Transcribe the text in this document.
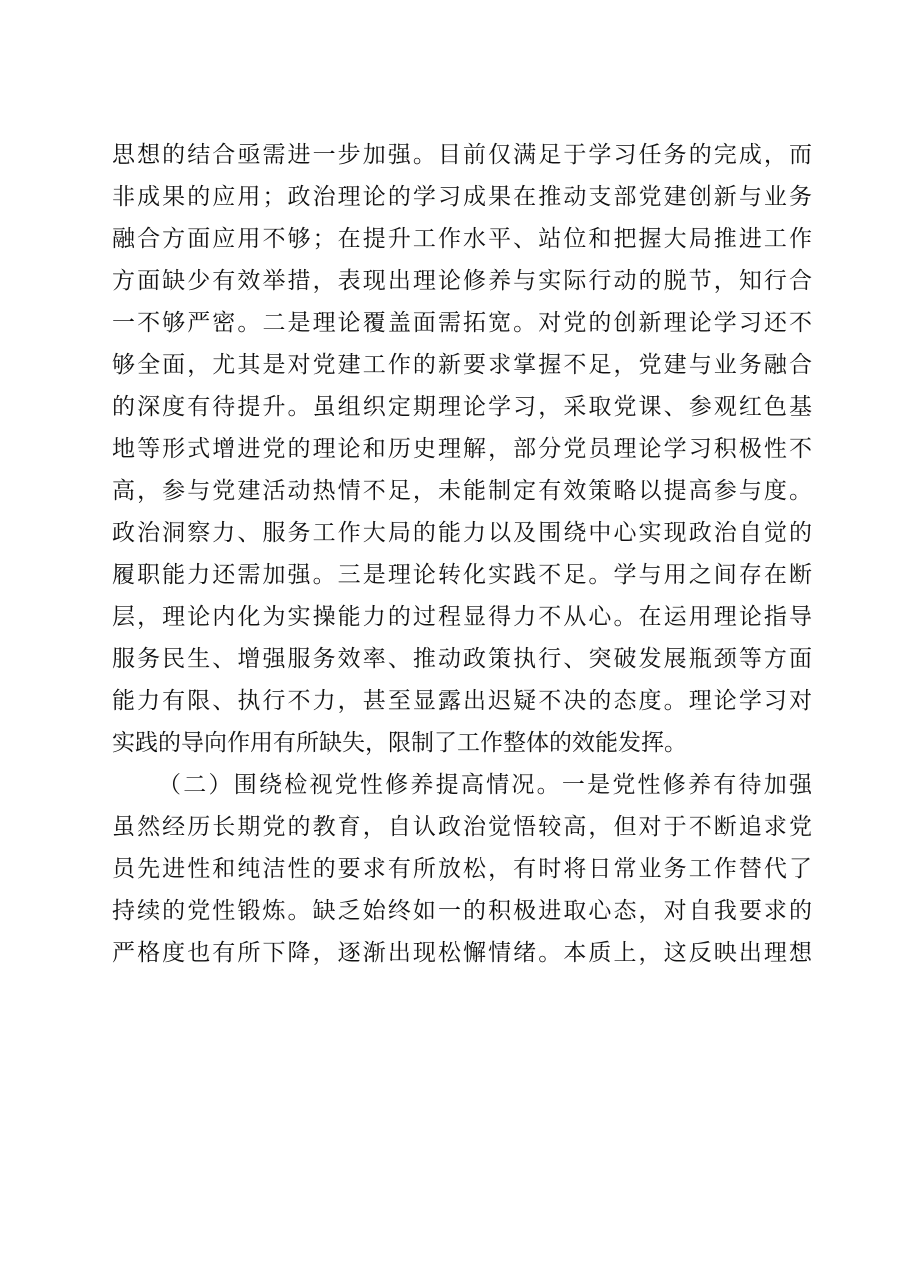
思想的结合亟需进一步加强。目前仅满足于学习任务的完成，而
非成果的应用；政治理论的学习成果在推动支部党建创新与业务
融合方面应用不够；在提升工作水平、站位和把握大局推进工作
方面缺少有效举措，表现出理论修养与实际行动的脱节，知行合
一不够严密。二是理论覆盖面需拓宽。对党的创新理论学习还不
够全面，尤其是对党建工作的新要求掌握不足，党建与业务融合
的深度有待提升。虽组织定期理论学习，采取党课、参观红色基
地等形式增进党的理论和历史理解，部分党员理论学习积极性不
高，参与党建活动热情不足，未能制定有效策略以提高参与度。
政治洞察力、服务工作大局的能力以及围绕中心实现政治自觉的
履职能力还需加强。三是理论转化实践不足。学与用之间存在断
层，理论内化为实操能力的过程显得力不从心。在运用理论指导
服务民生、增强服务效率、推动政策执行、突破发展瓶颈等方面
能力有限、执行不力，甚至显露出迟疑不决的态度。理论学习对
实践的导向作用有所缺失，限制了工作整体的效能发挥。
（二）围绕检视党性修养提高情况。一是党性修养有待加强
虽然经历长期党的教育，自认政治觉悟较高，但对于不断追求党
员先进性和纯洁性的要求有所放松，有时将日常业务工作替代了
持续的党性锻炼。缺乏始终如一的积极进取心态，对自我要求的
严格度也有所下降，逐渐出现松懈情绪。本质上，这反映出理想
